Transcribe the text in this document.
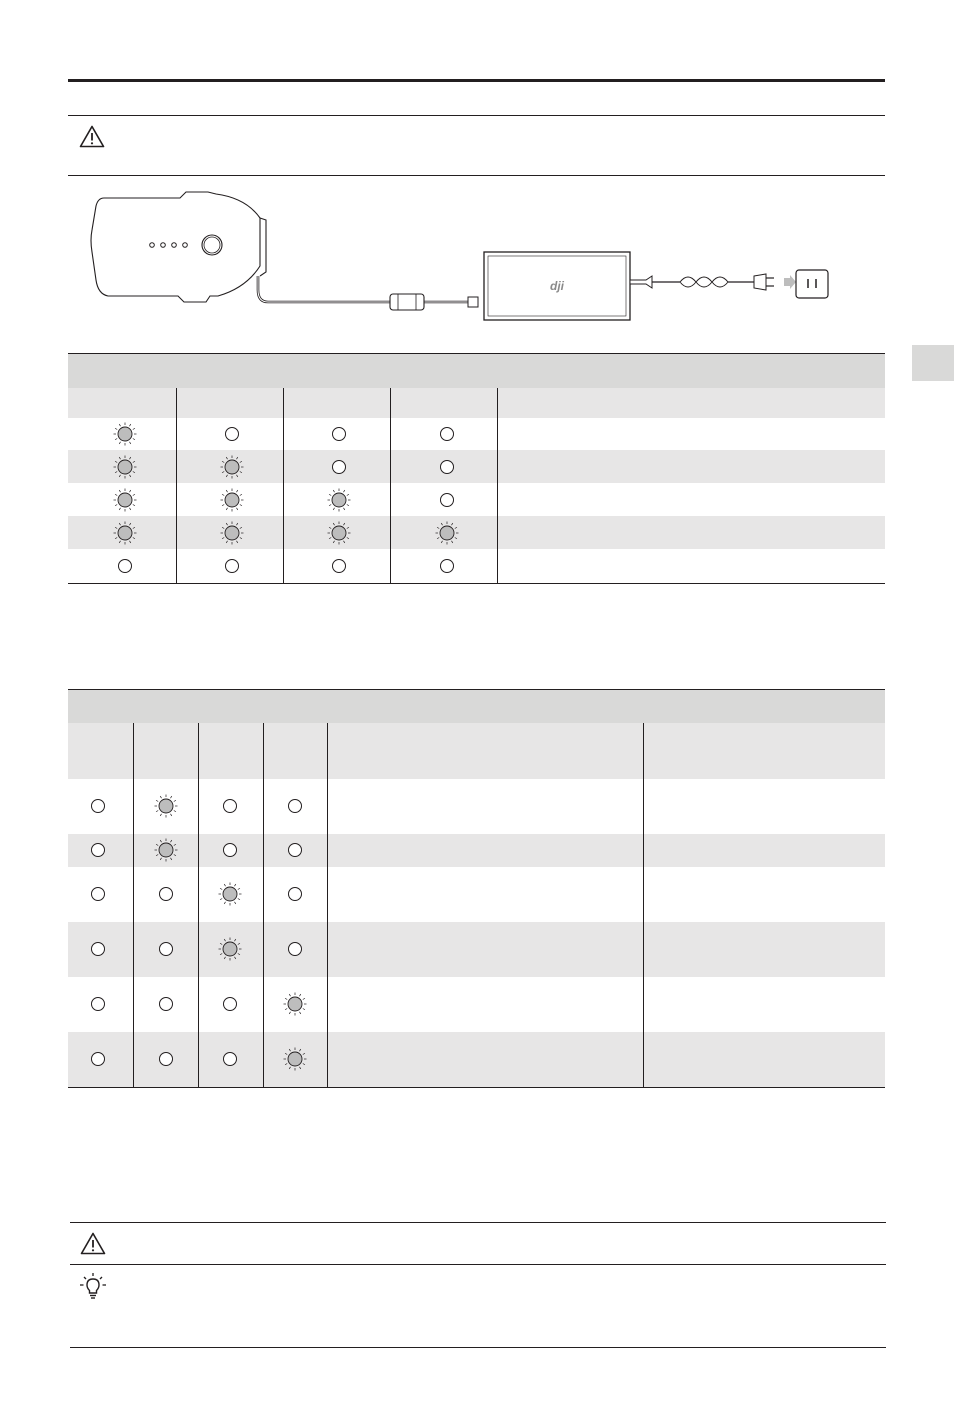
dji
